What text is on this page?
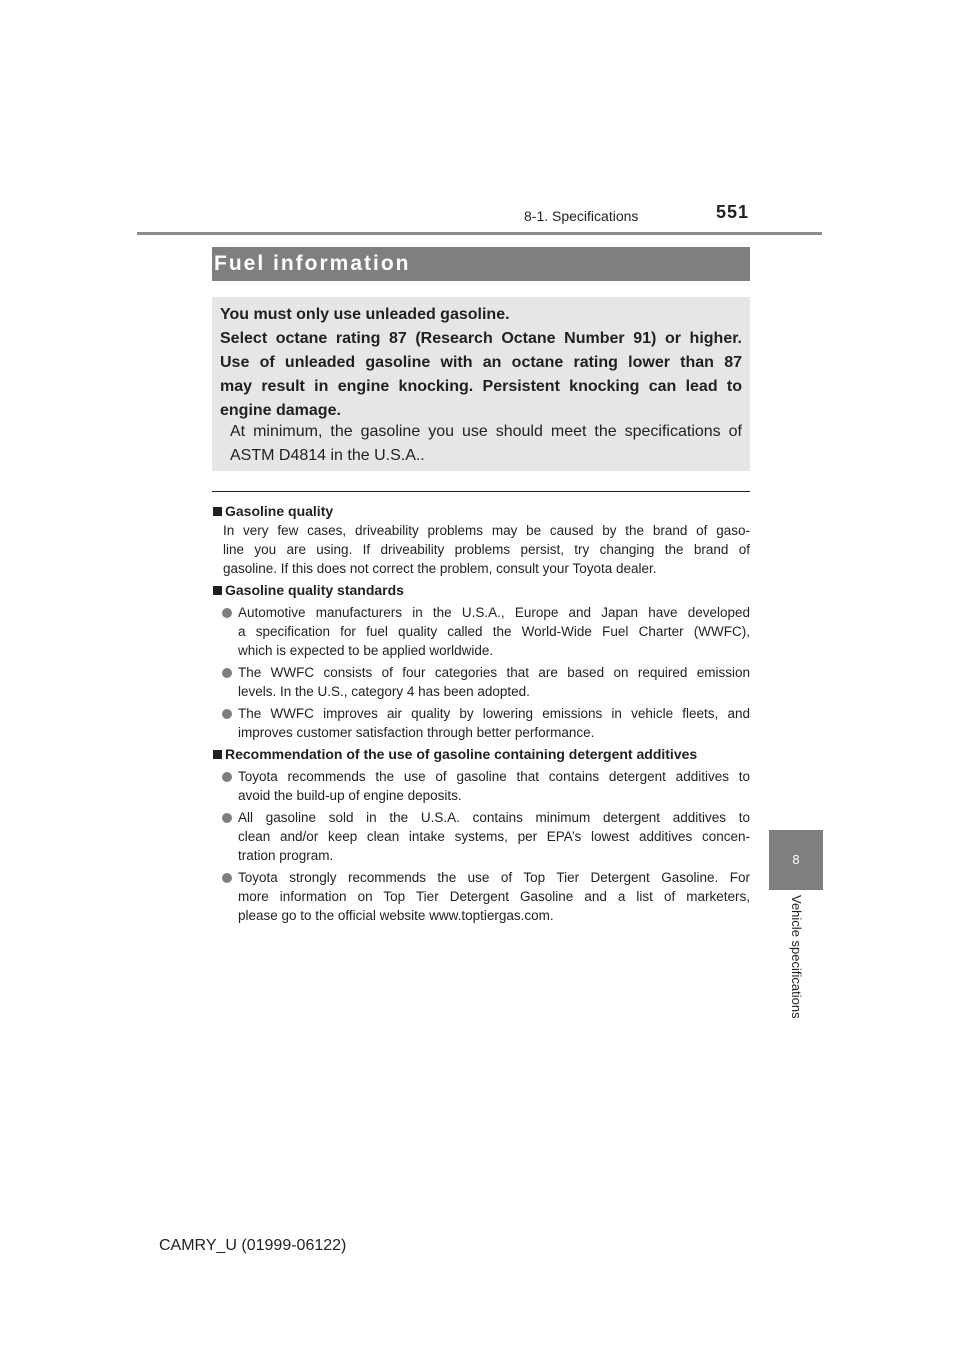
8-1. Specifications	551
8
Vehicle specifications
Fuel information
You must only use unleaded gasoline.
Select octane rating 87 (Research Octane Number 91) or higher.
Use of unleaded gasoline with an octane rating lower than 87
may result in engine knocking. Persistent knocking can lead to
engine damage.
At minimum, the gasoline you use should meet the specifications of
ASTM D4814 in the U.S.A..
Gasoline quality
In very few cases, driveability problems may be caused by the brand of gaso-
line you are using. If driveability problems persist, try changing the brand of
gasoline. If this does not correct the problem, consult your Toyota dealer.
Gasoline quality standards
Automotive manufacturers in the U.S.A., Europe and Japan have developed
a specification for fuel quality called the World-Wide Fuel Charter (WWFC),
which is expected to be applied worldwide.
The WWFC consists of four categories that are based on required emission
levels. In the U.S., category 4 has been adopted.
The WWFC improves air quality by lowering emissions in vehicle fleets, and
improves customer satisfaction through better performance.
Recommendation of the use of gasoline containing detergent additives
Toyota recommends the use of gasoline that contains detergent additives to
avoid the build-up of engine deposits.
All gasoline sold in the U.S.A. contains minimum detergent additives to
clean and/or keep clean intake systems, per EPA’s lowest additives concen-
tration program.
Toyota strongly recommends the use of Top Tier Detergent Gasoline. For
more information on Top Tier Detergent Gasoline and a list of marketers,
please go to the official website www.toptiergas.com.
CAMRY_U (01999-06122)
